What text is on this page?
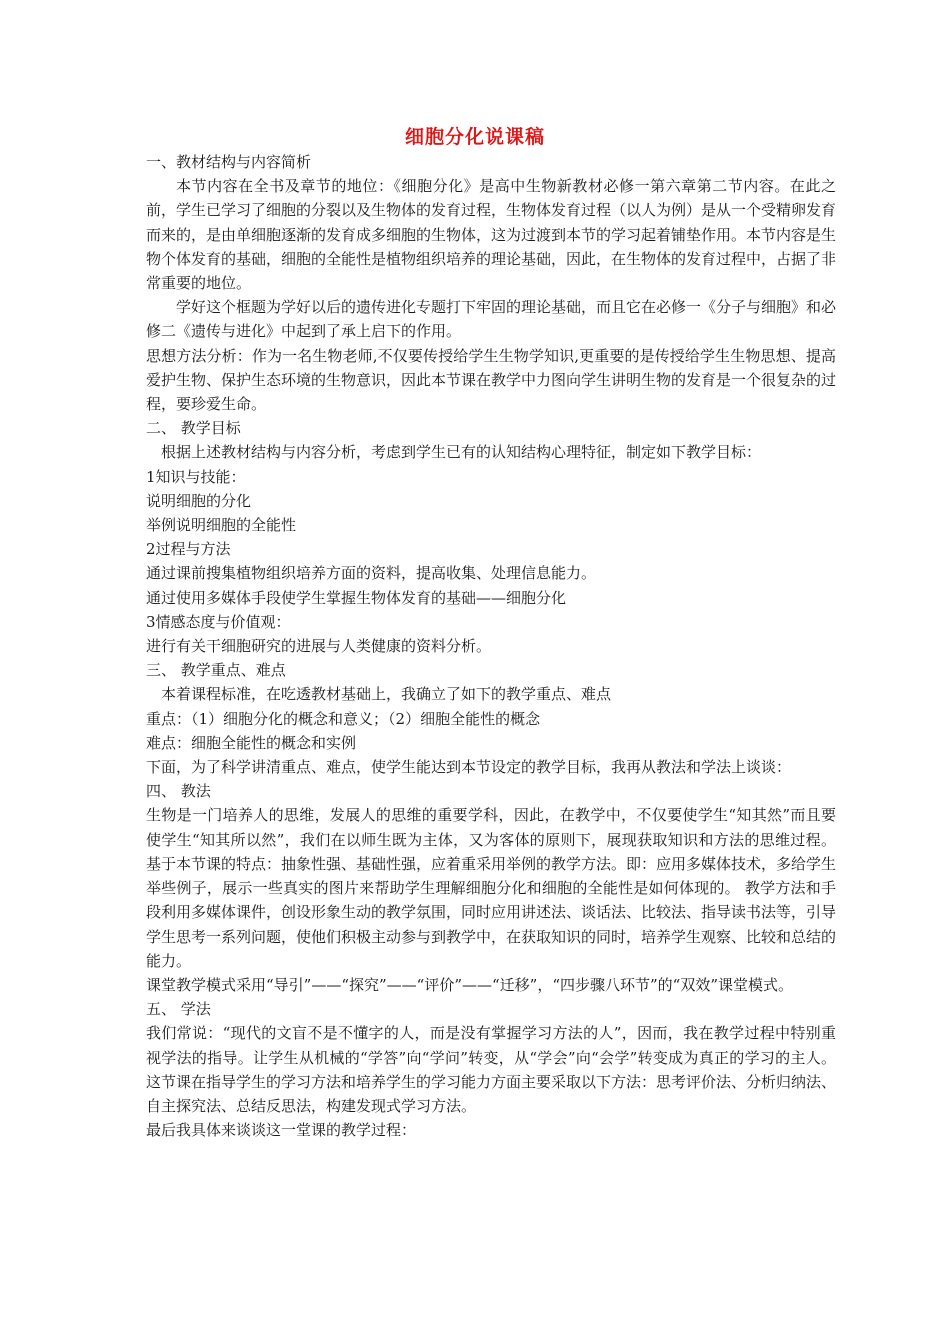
细胞分化说课稿

一、教材结构与内容简析

本节内容在全书及章节的地位：《细胞分化》是高中生物新教材必修一第六章第二节内容。在此之前，学生已学习了细胞的分裂以及生物体的发育过程，生物体发育过程（以人为例）是从一个受精卵发育而来的，是由单细胞逐渐的发育成多细胞的生物体，这为过渡到本节的学习起着铺垫作用。本节内容是生物个体发育的基础，细胞的全能性是植物组织培养的理论基础，因此，在生物体的发育过程中，占据了非常重要的地位。

学好这个框题为学好以后的遗传进化专题打下牢固的理论基础，而且它在必修一《分子与细胞》和必修二《遗传与进化》中起到了承上启下的作用。

思想方法分析：作为一名生物老师,不仅要传授给学生生物学知识,更重要的是传授给学生生物思想、提高爱护生物、保护生态环境的生物意识，因此本节课在教学中力图向学生讲明生物的发育是一个很复杂的过程，要珍爱生命。

二、 教学目标

根据上述教材结构与内容分析，考虑到学生已有的认知结构心理特征，制定如下教学目标：

1知识与技能：

说明细胞的分化

举例说明细胞的全能性

2过程与方法

通过课前搜集植物组织培养方面的资料，提高收集、处理信息能力。

通过使用多媒体手段使学生掌握生物体发育的基础——细胞分化

3情感态度与价值观：

进行有关干细胞研究的进展与人类健康的资料分析。

三、 教学重点、难点

本着课程标准，在吃透教材基础上，我确立了如下的教学重点、难点

重点：（1）细胞分化的概念和意义；（2）细胞全能性的概念

难点：细胞全能性的概念和实例

下面，为了科学讲清重点、难点，使学生能达到本节设定的教学目标，我再从教法和学法上谈谈：

四、 教法

生物是一门培养人的思维，发展人的思维的重要学科，因此，在教学中，不仅要使学生“知其然”而且要使学生“知其所以然”，我们在以师生既为主体，又为客体的原则下，展现获取知识和方法的思维过程。基于本节课的特点：抽象性强、基础性强，应着重采用举例的教学方法。即：应用多媒体技术，多给学生举些例子，展示一些真实的图片来帮助学生理解细胞分化和细胞的全能性是如何体现的。 教学方法和手段利用多媒体课件，创设形象生动的教学氛围，同时应用讲述法、谈话法、比较法、指导读书法等，引导学生思考一系列问题，使他们积极主动参与到教学中，在获取知识的同时，培养学生观察、比较和总结的能力。

课堂教学模式采用“导引”——“探究”——“评价”——“迁移”，“四步骤八环节”的“双效”课堂模式。

五、 学法

我们常说：“现代的文盲不是不懂字的人，而是没有掌握学习方法的人”，因而，我在教学过程中特别重视学法的指导。让学生从机械的“学答”向“学问”转变，从“学会”向“会学”转变成为真正的学习的主人。这节课在指导学生的学习方法和培养学生的学习能力方面主要采取以下方法：思考评价法、分析归纳法、自主探究法、总结反思法，构建发现式学习方法。

最后我具体来谈谈这一堂课的教学过程：
